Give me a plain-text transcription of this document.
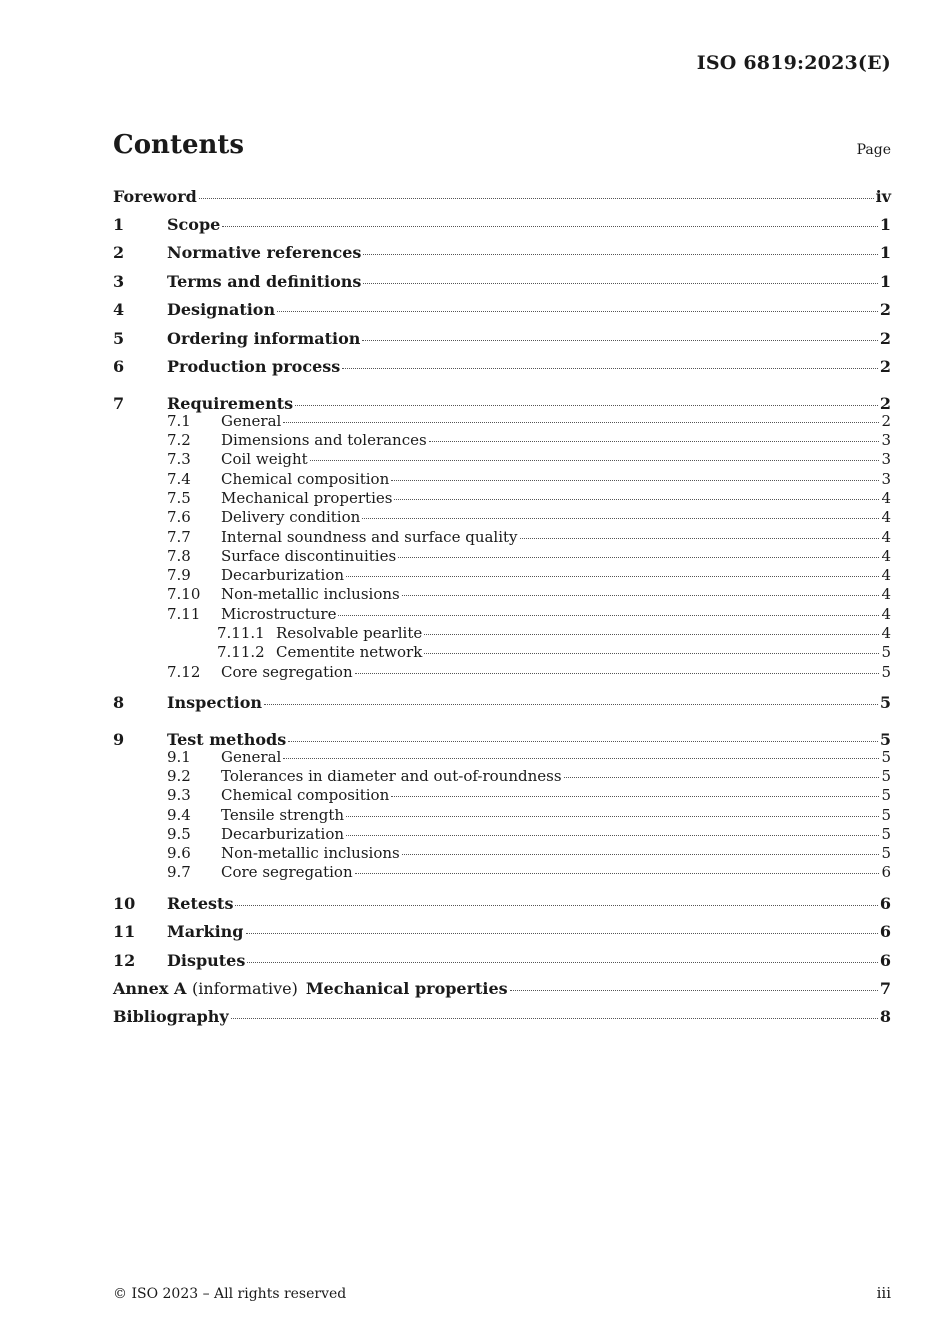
ISO 6819:2023(E)
Contents	Page
Foreword	iv
1	Scope	1
2	Normative references	1
3	Terms and definitions	1
4	Designation	2
5	Ordering information	2
6	Production process	2
7	Requirements	2
7.1	General	2
7.2	Dimensions and tolerances	3
7.3	Coil weight	3
7.4	Chemical composition	3
7.5	Mechanical properties	4
7.6	Delivery condition	4
7.7	Internal soundness and surface quality	4
7.8	Surface discontinuities	4
7.9	Decarburization	4
7.10	Non-metallic inclusions	4
7.11	Microstructure	4
7.11.1 Resolvable pearlite	4
7.11.2 Cementite network	5
7.12	Core segregation	5
8	Inspection	5
9	Test methods	5
9.1	General	5
9.2	Tolerances in diameter and out-of-roundness	5
9.3	Chemical composition	5
9.4	Tensile strength	5
9.5	Decarburization	5
9.6	Non-metallic inclusions	5
9.7	Core segregation	6
10	Retests	6
11	Marking	6
12	Disputes	6
Annex A (informative) Mechanical properties	7
Bibliography	8
© ISO 2023 – All rights reserved	iii
